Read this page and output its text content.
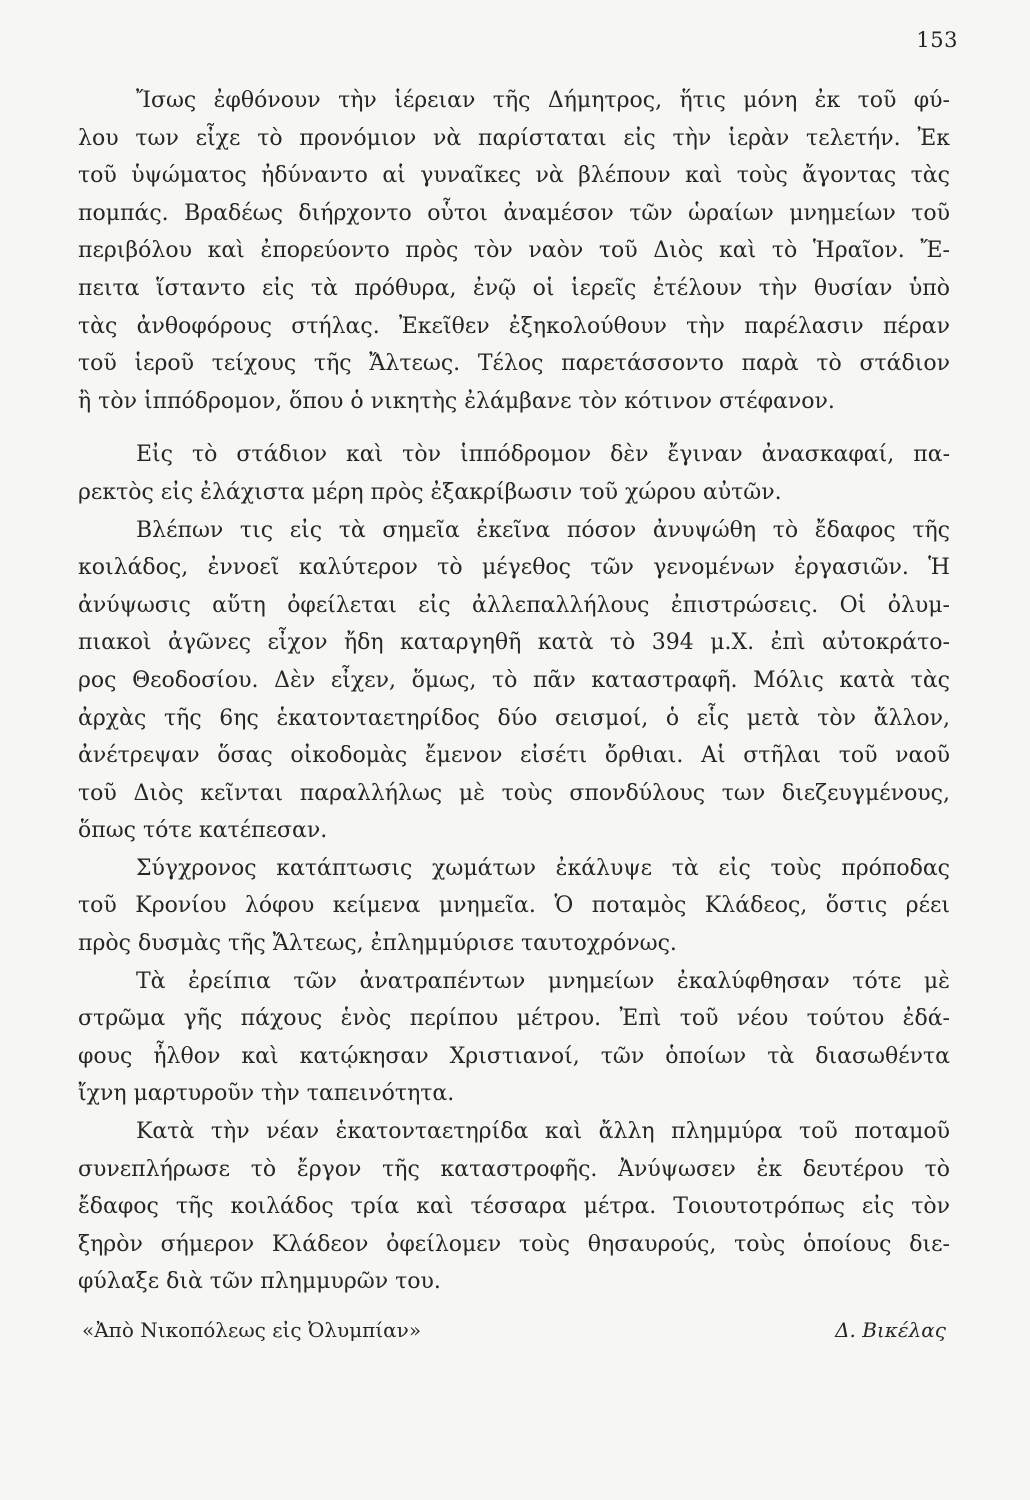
153
Ἴσως ἐφθόνουν τὴν ἱέρειαν τῆς Δήμητρος, ἥτις μόνη ἐκ τοῦ φύ-
λου των εἶχε τὸ προνόμιον νὰ παρίσταται εἰς τὴν ἱερὰν τελετήν. Ἐκ
τοῦ ὑψώματος ἠδύναντο αἱ γυναῖκες νὰ βλέπουν καὶ τοὺς ἄγοντας τὰς
πομπάς. Βραδέως διήρχοντο οὗτοι ἀναμέσον τῶν ὡραίων μνημείων τοῦ
περιβόλου καὶ ἐπορεύοντο πρὸς τὸν ναὸν τοῦ Διὸς καὶ τὸ Ἡραῖον. Ἔ-
πειτα ἵσταντο εἰς τὰ πρόθυρα, ἐνῷ οἱ ἱερεῖς ἐτέλουν τὴν θυσίαν ὑπὸ
τὰς ἀνθοφόρους στήλας. Ἐκεῖθεν ἐξηκολούθουν τὴν παρέλασιν πέραν
τοῦ ἱεροῦ τείχους τῆς Ἄλτεως. Τέλος παρετάσσοντο παρὰ τὸ στάδιον
ἢ τὸν ἱππόδρομον, ὅπου ὁ νικητὴς ἐλάμβανε τὸν κότινον στέφανον.
Εἰς τὸ στάδιον καὶ τὸν ἱππόδρομον δὲν ἔγιναν ἀνασκαφαί, πα-
ρεκτὸς εἰς ἐλάχιστα μέρη πρὸς ἐξακρίβωσιν τοῦ χώρου αὐτῶν.
Βλέπων τις εἰς τὰ σημεῖα ἐκεῖνα πόσον ἀνυψώθη τὸ ἔδαφος τῆς
κοιλάδος, ἐννοεῖ καλύτερον τὸ μέγεθος τῶν γενομένων ἐργασιῶν. Ἡ
ἀνύψωσις αὕτη ὀφείλεται εἰς ἀλλεπαλλήλους ἐπιστρώσεις. Οἱ ὀλυμ-
πιακοὶ ἀγῶνες εἶχον ἤδη καταργηθῆ κατὰ τὸ 394 μ.Χ. ἐπὶ αὐτοκράτο-
ρος Θεοδοσίου. Δὲν εἶχεν, ὅμως, τὸ πᾶν καταστραφῆ. Μόλις κατὰ τὰς
ἀρχὰς τῆς 6ης ἑκατονταετηρίδος δύο σεισμοί, ὁ εἷς μετὰ τὸν ἄλλον,
ἀνέτρεψαν ὅσας οἰκοδομὰς ἔμενον εἰσέτι ὄρθιαι. Αἱ στῆλαι τοῦ ναοῦ
τοῦ Διὸς κεῖνται παραλλήλως μὲ τοὺς σπονδύλους των διεζευγμένους,
ὅπως τότε κατέπεσαν.
Σύγχρονος κατάπτωσις χωμάτων ἐκάλυψε τὰ εἰς τοὺς πρόποδας
τοῦ Κρονίου λόφου κείμενα μνημεῖα. Ὁ ποταμὸς Κλάδεος, ὅστις ρέει
πρὸς δυσμὰς τῆς Ἄλτεως, ἐπλημμύρισε ταυτοχρόνως.
Τὰ ἐρείπια τῶν ἀνατραπέντων μνημείων ἐκαλύφθησαν τότε μὲ
στρῶμα γῆς πάχους ἑνὸς περίπου μέτρου. Ἐπὶ τοῦ νέου τούτου ἐδά-
φους ἦλθον καὶ κατῴκησαν Χριστιανοί, τῶν ὁποίων τὰ διασωθέντα
ἴχνη μαρτυροῦν τὴν ταπεινότητα.
Κατὰ τὴν νέαν ἑκατονταετηρίδα καὶ ἄλλη πλημμύρα τοῦ ποταμοῦ
συνεπλήρωσε τὸ ἔργον τῆς καταστροφῆς. Ἀνύψωσεν ἐκ δευτέρου τὸ
ἔδαφος τῆς κοιλάδος τρία καὶ τέσσαρα μέτρα. Τοιουτοτρόπως εἰς τὸν
ξηρὸν σήμερον Κλάδεον ὀφείλομεν τοὺς θησαυρούς, τοὺς ὁποίους διε-
φύλαξε διὰ τῶν πλημμυρῶν του.
«Ἀπὸ Νικοπόλεως εἰς Ὀλυμπίαν»	Δ. Βικέλας
